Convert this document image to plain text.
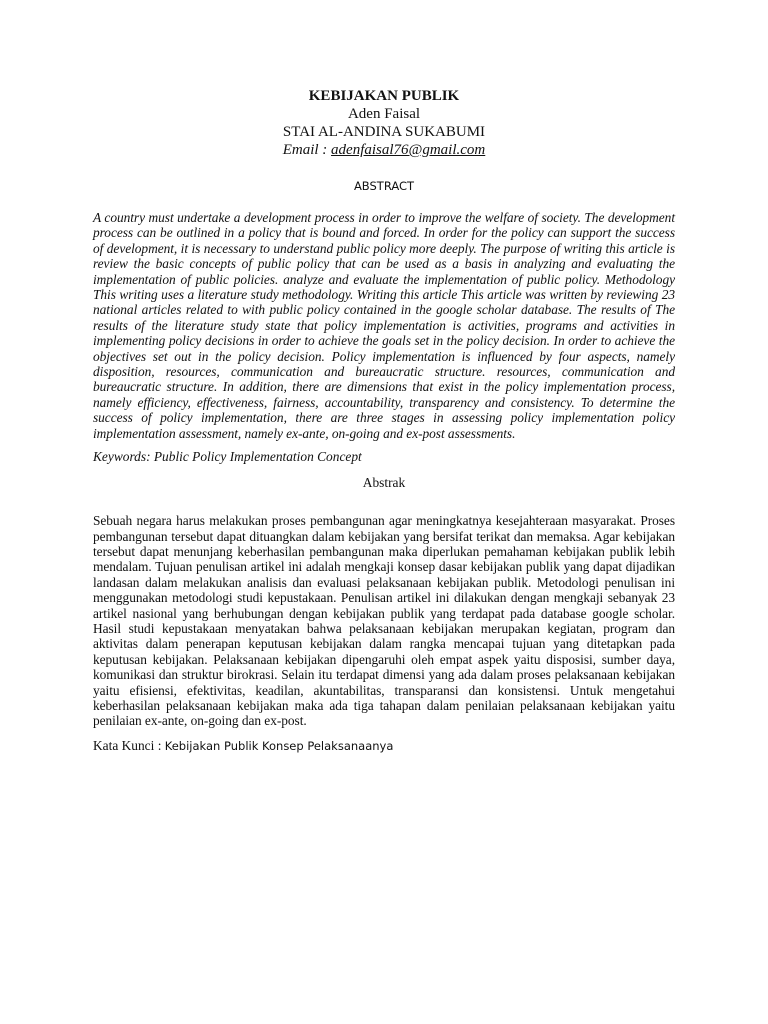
KEBIJAKAN PUBLIK
Aden Faisal
STAI AL-ANDINA SUKABUMI
Email : adenfaisal76@gmail.com
ABSTRACT
A country must undertake a development process in order to improve the welfare of society. The development process can be outlined in a policy that is bound and forced. In order for the policy can support the success of development, it is necessary to understand public policy more deeply. The purpose of writing this article is review the basic concepts of public policy that can be used as a basis in analyzing and evaluating the implementation of public policies. analyze and evaluate the implementation of public policy. Methodology This writing uses a literature study methodology. Writing this article This article was written by reviewing 23 national articles related to with public policy contained in the google scholar database. The results of The results of the literature study state that policy implementation is activities, programs and activities in implementing policy decisions in order to achieve the goals set in the policy decision. In order to achieve the objectives set out in the policy decision. Policy implementation is influenced by four aspects, namely disposition, resources, communication and bureaucratic structure. resources, communication and bureaucratic structure. In addition, there are dimensions that exist in the policy implementation process, namely efficiency, effectiveness, fairness, accountability, transparency and consistency. To determine the success of policy implementation, there are three stages in assessing policy implementation policy implementation assessment, namely ex-ante, on-going and ex-post assessments.
Keywords: Public Policy Implementation Concept
Abstrak
Sebuah negara harus melakukan proses pembangunan agar meningkatnya kesejahteraan masyarakat. Proses pembangunan tersebut dapat dituangkan dalam kebijakan yang bersifat terikat dan memaksa. Agar kebijakan tersebut dapat menunjang keberhasilan pembangunan maka diperlukan pemahaman kebijakan publik lebih mendalam. Tujuan penulisan artikel ini adalah mengkaji konsep dasar kebijakan publik yang dapat dijadikan landasan dalam melakukan analisis dan evaluasi pelaksanaan kebijakan publik. Metodologi penulisan ini menggunakan metodologi studi kepustakaan. Penulisan artikel ini dilakukan dengan mengkaji sebanyak 23 artikel nasional yang berhubungan dengan kebijakan publik yang terdapat pada database google scholar. Hasil studi kepustakaan menyatakan bahwa pelaksanaan kebijakan merupakan kegiatan, program dan aktivitas dalam penerapan keputusan kebijakan dalam rangka mencapai tujuan yang ditetapkan pada keputusan kebijakan. Pelaksanaan kebijakan dipengaruhi oleh empat aspek yaitu disposisi, sumber daya, komunikasi dan struktur birokrasi. Selain itu terdapat dimensi yang ada dalam proses pelaksanaan kebijakan yaitu efisiensi, efektivitas, keadilan, akuntabilitas, transparansi dan konsistensi. Untuk mengetahui keberhasilan pelaksanaan kebijakan maka ada tiga tahapan dalam penilaian pelaksanaan kebijakan yaitu penilaian ex-ante, on-going dan ex-post.
Kata Kunci : Kebijakan Publik Konsep Pelaksanaanya
